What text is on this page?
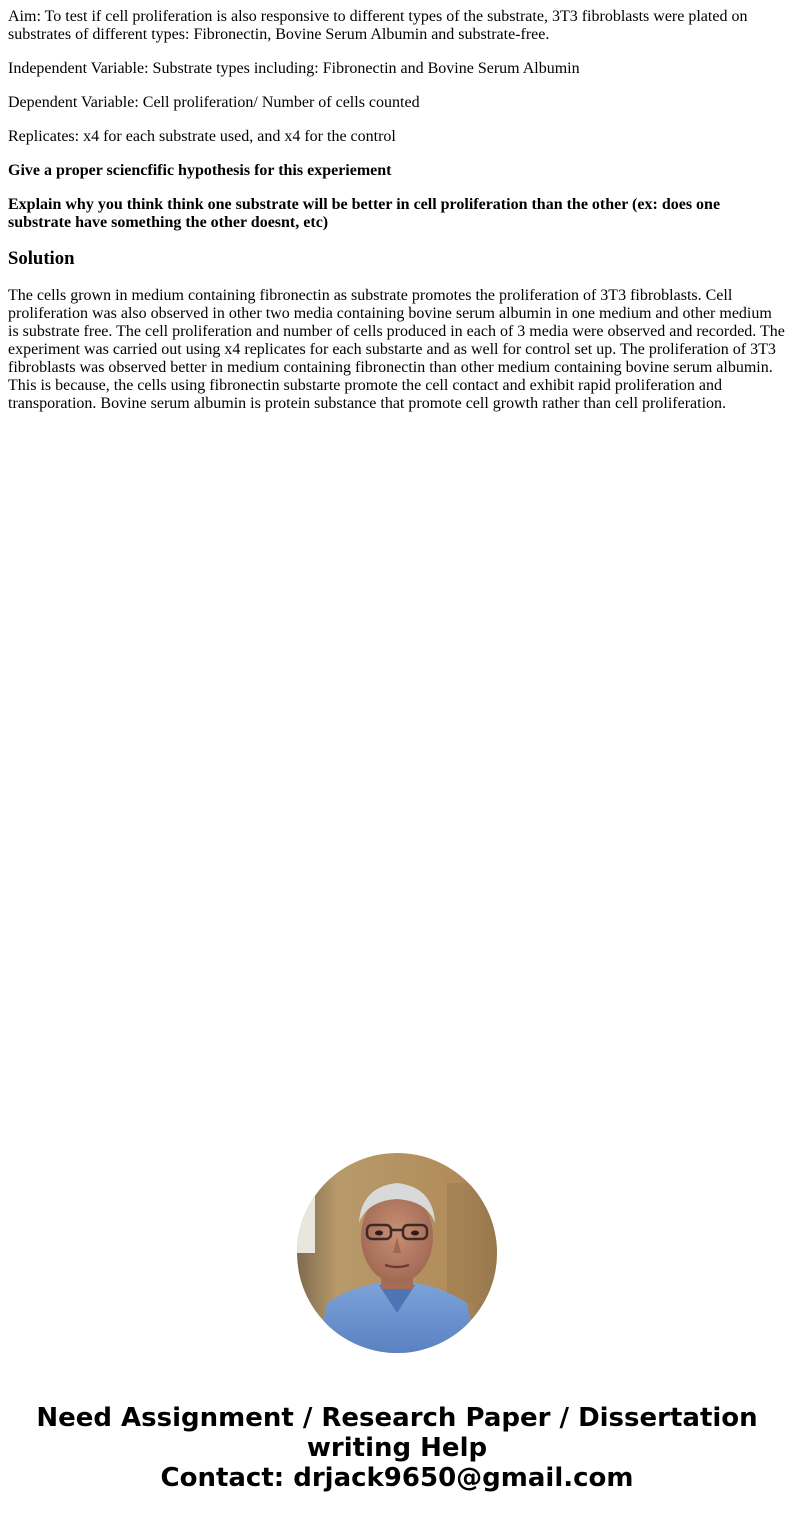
Aim: To test if cell proliferation is also responsive to different types of the substrate, 3T3 fibroblasts were plated on substrates of different types: Fibronectin, Bovine Serum Albumin and substrate-free.

Independent Variable: Substrate types including: Fibronectin and Bovine Serum Albumin

Dependent Variable: Cell proliferation/ Number of cells counted

Replicates: x4 for each substrate used, and x4 for the control

Give a proper sciencfific hypothesis for this experiement

Explain why you think think one substrate will be better in cell proliferation than the other (ex: does one substrate have something the other doesnt, etc)

Solution

The cells grown in medium containing fibronectin as substrate promotes the proliferation of 3T3 fibroblasts. Cell proliferation was also observed in other two media containing bovine serum albumin in one medium and other medium is substrate free. The cell proliferation and number of cells produced in each of 3 media were observed and recorded. The experiment was carried out using x4 replicates for each substarte and as well for control set up. The proliferation of 3T3 fibroblasts was observed better in medium containing fibronectin than other medium containing bovine serum albumin. This is because, the cells using fibronectin substarte promote the cell contact and exhibit rapid proliferation and transporation. Bovine serum albumin is protein substance that promote cell growth rather than cell proliferation.

Need Assignment / Research Paper / Dissertation writing Help
Contact: drjack9650@gmail.com
